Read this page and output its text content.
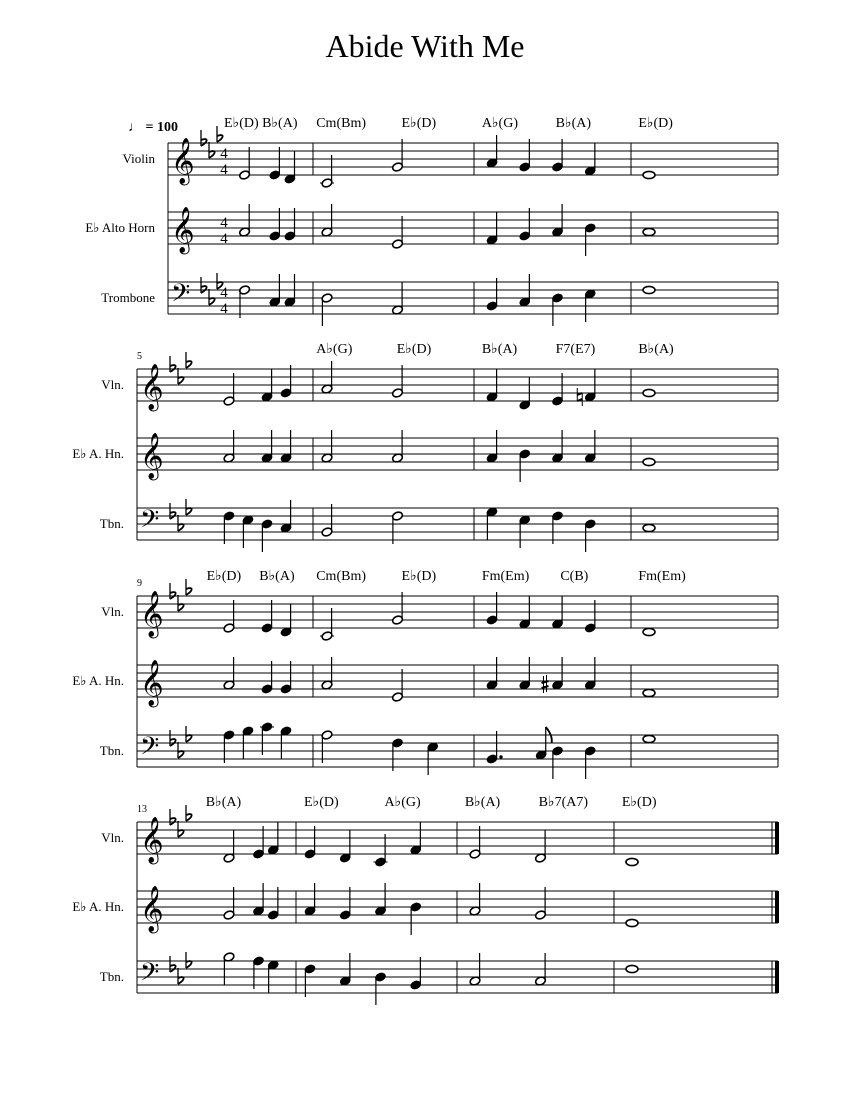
Abide With Me
♩ = 100
Violin 𝄞 4
4
E♭ Alto Horn 𝄞 4
4
Trombone 𝄢 4
4
E♭(D) B♭(A) Cm(Bm)	E♭(D)	A♭(G)	B♭(A)	E♭(D)
5
Vln. 𝄞
E♭ A. Hn. 𝄞
Tbn. 𝄢
A♭(G)	E♭(D)	B♭(A)	F7(E7)	B♭(A)
9
Vln. 𝄞
E♭ A. Hn. 𝄞
Tbn. 𝄢
E♭(D) B♭(A) Cm(Bm)	E♭(D)	Fm(Em) C(B)	Fm(Em)
13
Vln. 𝄞
E♭ A. Hn. 𝄞
Tbn. 𝄢
B♭(A)	E♭(D)	A♭(G)	B♭(A)	B♭7(A7) E♭(D)
